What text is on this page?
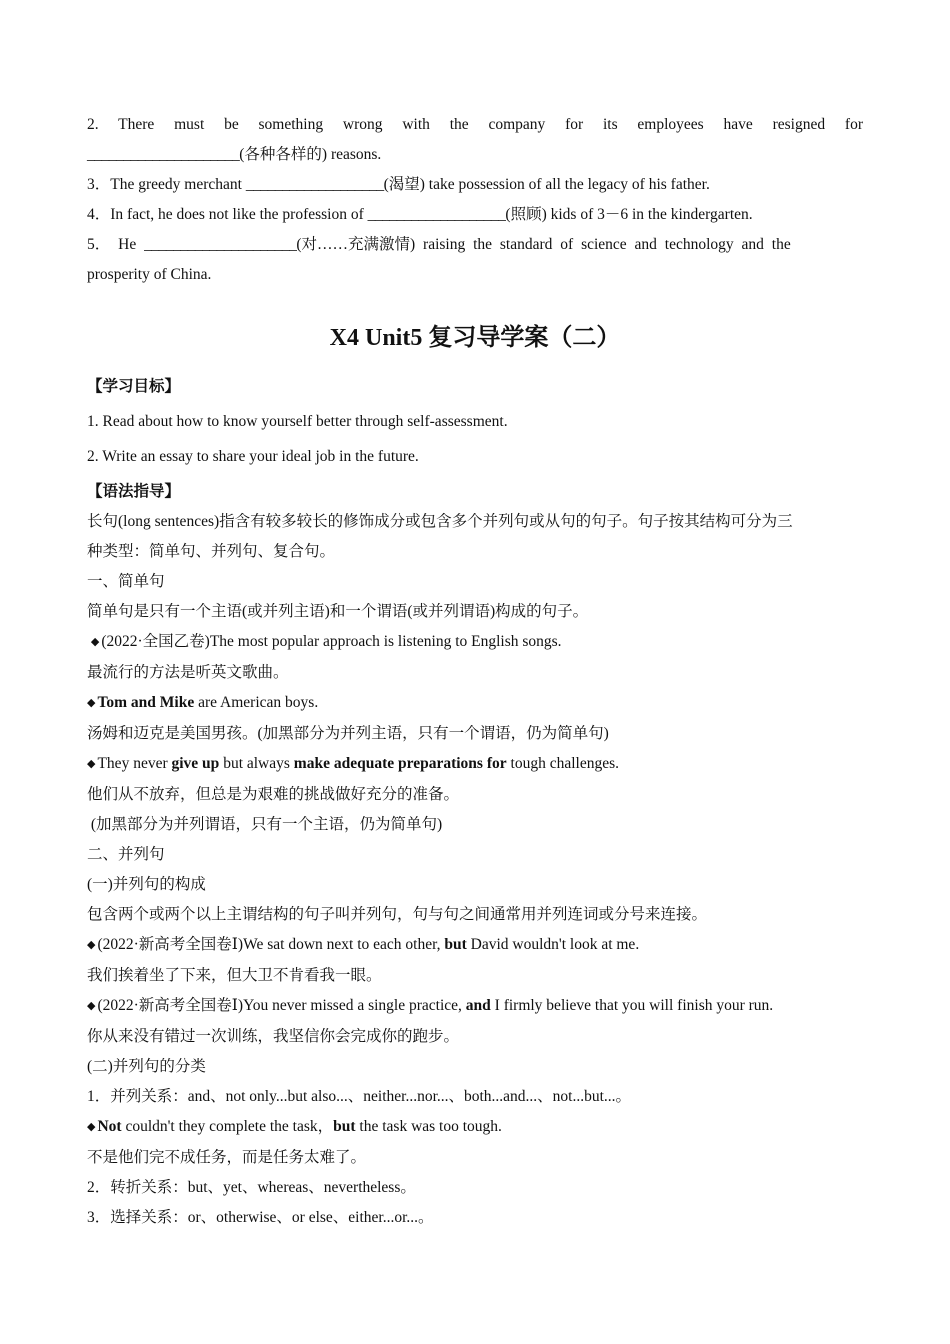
2. There must be something wrong with the company for its employees have resigned for
_____________________(各种各样的) reasons.
3．The greedy merchant ___________________(渴望) take possession of all the legacy of his father.
4．In fact, he does not like the profession of ___________________(照顾) kids of 3－6 in the kindergarten.
5． He _____________________(对……充满激情) raising the standard of science and technology and the
prosperity of China.
X4 Unit5 复习导学案（二）
【学习目标】
1. Read about how to know yourself better through self-assessment.
2. Write an essay to share your ideal job in the future.
【语法指导】
长句(long sentences)指含有较多较长的修饰成分或包含多个并列句或从句的句子。句子按其结构可分为三
种类型：简单句、并列句、复合句。
一、简单句
简单句是只有一个主语(或并列主语)和一个谓语(或并列谓语)构成的句子。
◆ (2022·全国乙卷)The most popular approach is listening to English songs.
最流行的方法是听英文歌曲。
◆ Tom and Mike are American boys.
汤姆和迈克是美国男孩。(加黑部分为并列主语，只有一个谓语，仍为简单句)
◆ They never give up but always make adequate preparations for tough challenges.
他们从不放弃，但总是为艰难的挑战做好充分的准备。
(加黑部分为并列谓语，只有一个主语，仍为简单句)
二、并列句
(一)并列句的构成
包含两个或两个以上主谓结构的句子叫并列句，句与句之间通常用并列连词或分号来连接。
◆ (2022·新高考全国卷Ⅰ)We sat down next to each other, but David wouldn't look at me.
我们挨着坐了下来，但大卫不肯看我一眼。
◆ (2022·新高考全国卷Ⅰ)You never missed a single practice, and I firmly believe that you will finish your run.
你从来没有错过一次训练，我坚信你会完成你的跑步。
(二)并列句的分类
1．并列关系：and、not only...but also...、neither...nor...、both...and...、not...but...。
◆ Not couldn't they complete the task，but the task was too tough.
不是他们完不成任务，而是任务太难了。
2．转折关系：but、yet、whereas、nevertheless。
3．选择关系：or、otherwise、or else、either...or...。
